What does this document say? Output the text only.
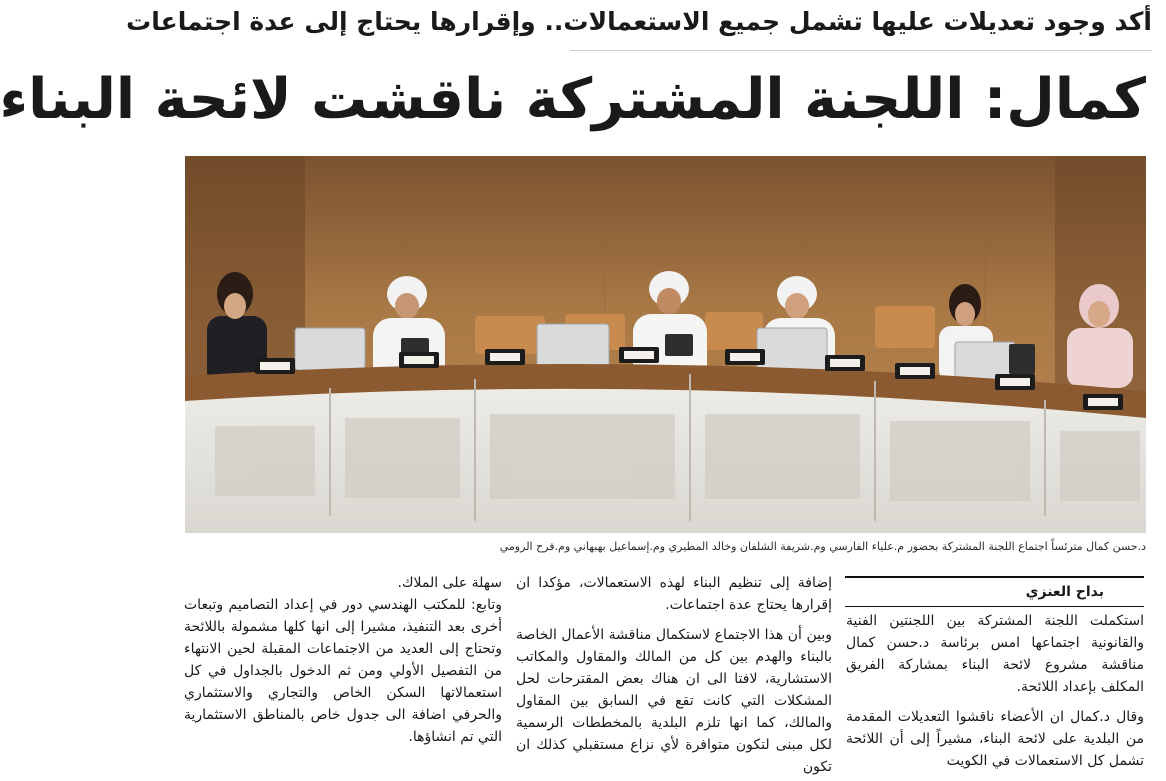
أكد وجود تعديلات عليها تشمل جميع الاستعمالات.. وإقرارها يحتاج إلى عدة اجتماعات
كمال: اللجنة المشتركة ناقشت لائحة البناء
د.حسن كمال مترئساً اجتماع اللجنة المشتركة بحضور م.علياء الفارسي وم.شريفة الشلفان وخالد المطيري وم.إسماعيل بهبهاني وم.فرح الرومي
بداح العنزي

استكملت اللجنة المشتركة بين اللجنتين الفنية والقانونية اجتماعها امس برئاسة د.حسن كمال مناقشة مشروع لائحة البناء بمشاركة الفريق المكلف بإعداد اللائحة.

وقال د.كمال ان الأعضاء ناقشوا التعديلات المقدمة من البلدية على لائحة البناء، مشيراً إلى أن اللائحة تشمل كل الاستعمالات في الكويت

إضافة إلى تنظيم البناء لهذه الاستعمالات، مؤكدا ان إقرارها يحتاج عدة اجتماعات.

وبين أن هذا الاجتماع لاستكمال مناقشة الأعمال الخاصة بالبناء والهدم بين كل من المالك والمقاول والمكاتب الاستشارية، لافتا الى ان هناك بعض المقترحات لحل المشكلات التي كانت تقع في السابق بين المقاول والمالك، كما انها تلزم البلدية بالمخططات الرسمية لكل مبنى لتكون متوافرة لأي نزاع مستقبلي كذلك ان تكون

سهلة على الملاك.

وتابع: للمكتب الهندسي دور في إعداد التصاميم وتبعات أخرى بعد التنفيذ، مشيرا إلى انها كلها مشمولة باللائحة وتحتاج إلى العديد من الاجتماعات المقبلة لحين الانتهاء من التفصيل الأولي ومن ثم الدخول بالجداول في كل استعمالاتها السكن الخاص والتجاري والاستثماري والحرفي اضافة الى جدول خاص بالمناطق الاستثمارية التي تم انشاؤها.
